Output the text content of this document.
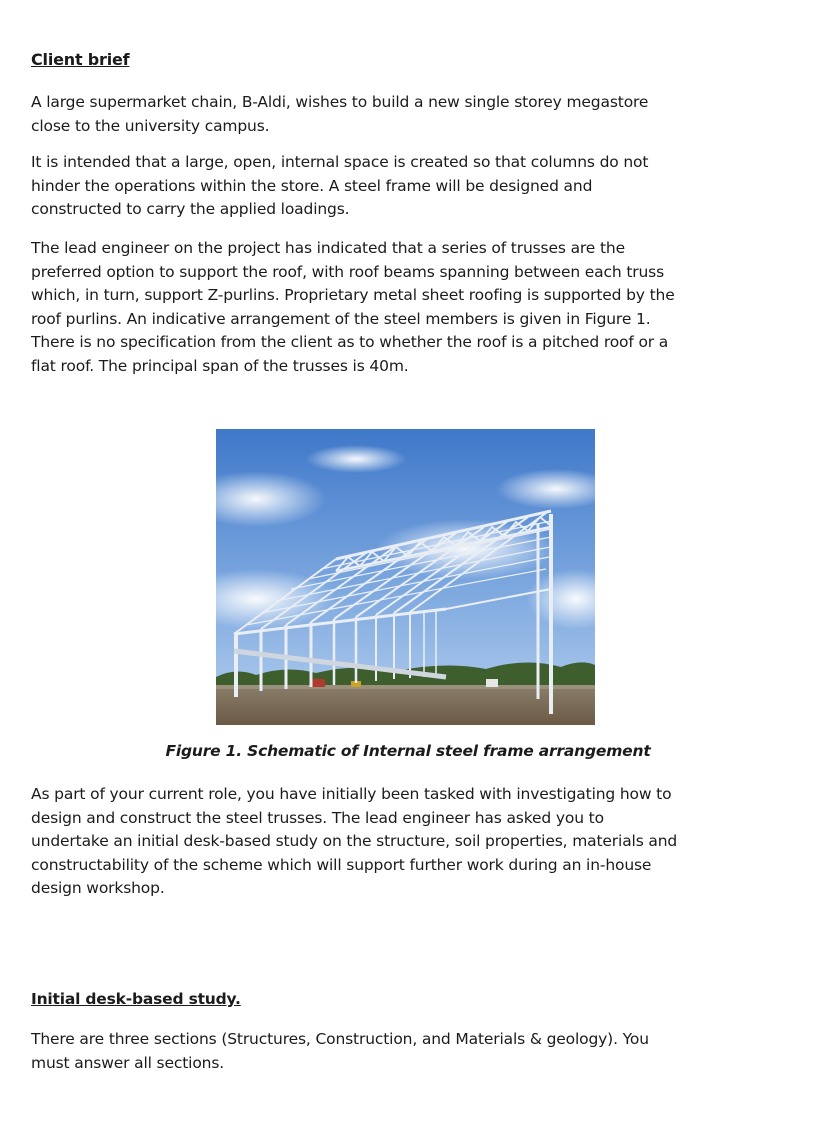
Client brief

A large supermarket chain, B-Aldi, wishes to build a new single storey megastore
close to the university campus.

It is intended that a large, open, internal space is created so that columns do not
hinder the operations within the store. A steel frame will be designed and
constructed to carry the applied loadings.

The lead engineer on the project has indicated that a series of trusses are the
preferred option to support the roof, with roof beams spanning between each truss
which, in turn, support Z-purlins. Proprietary metal sheet roofing is supported by the
roof purlins. An indicative arrangement of the steel members is given in Figure 1.
There is no specification from the client as to whether the roof is a pitched roof or a
flat roof. The principal span of the trusses is 40m.

Figure 1. Schematic of Internal steel frame arrangement

As part of your current role, you have initially been tasked with investigating how to
design and construct the steel trusses. The lead engineer has asked you to
undertake an initial desk-based study on the structure, soil properties, materials and
constructability of the scheme which will support further work during an in-house
design workshop.

Initial desk-based study.

There are three sections (Structures, Construction, and Materials & geology). You
must answer all sections.
